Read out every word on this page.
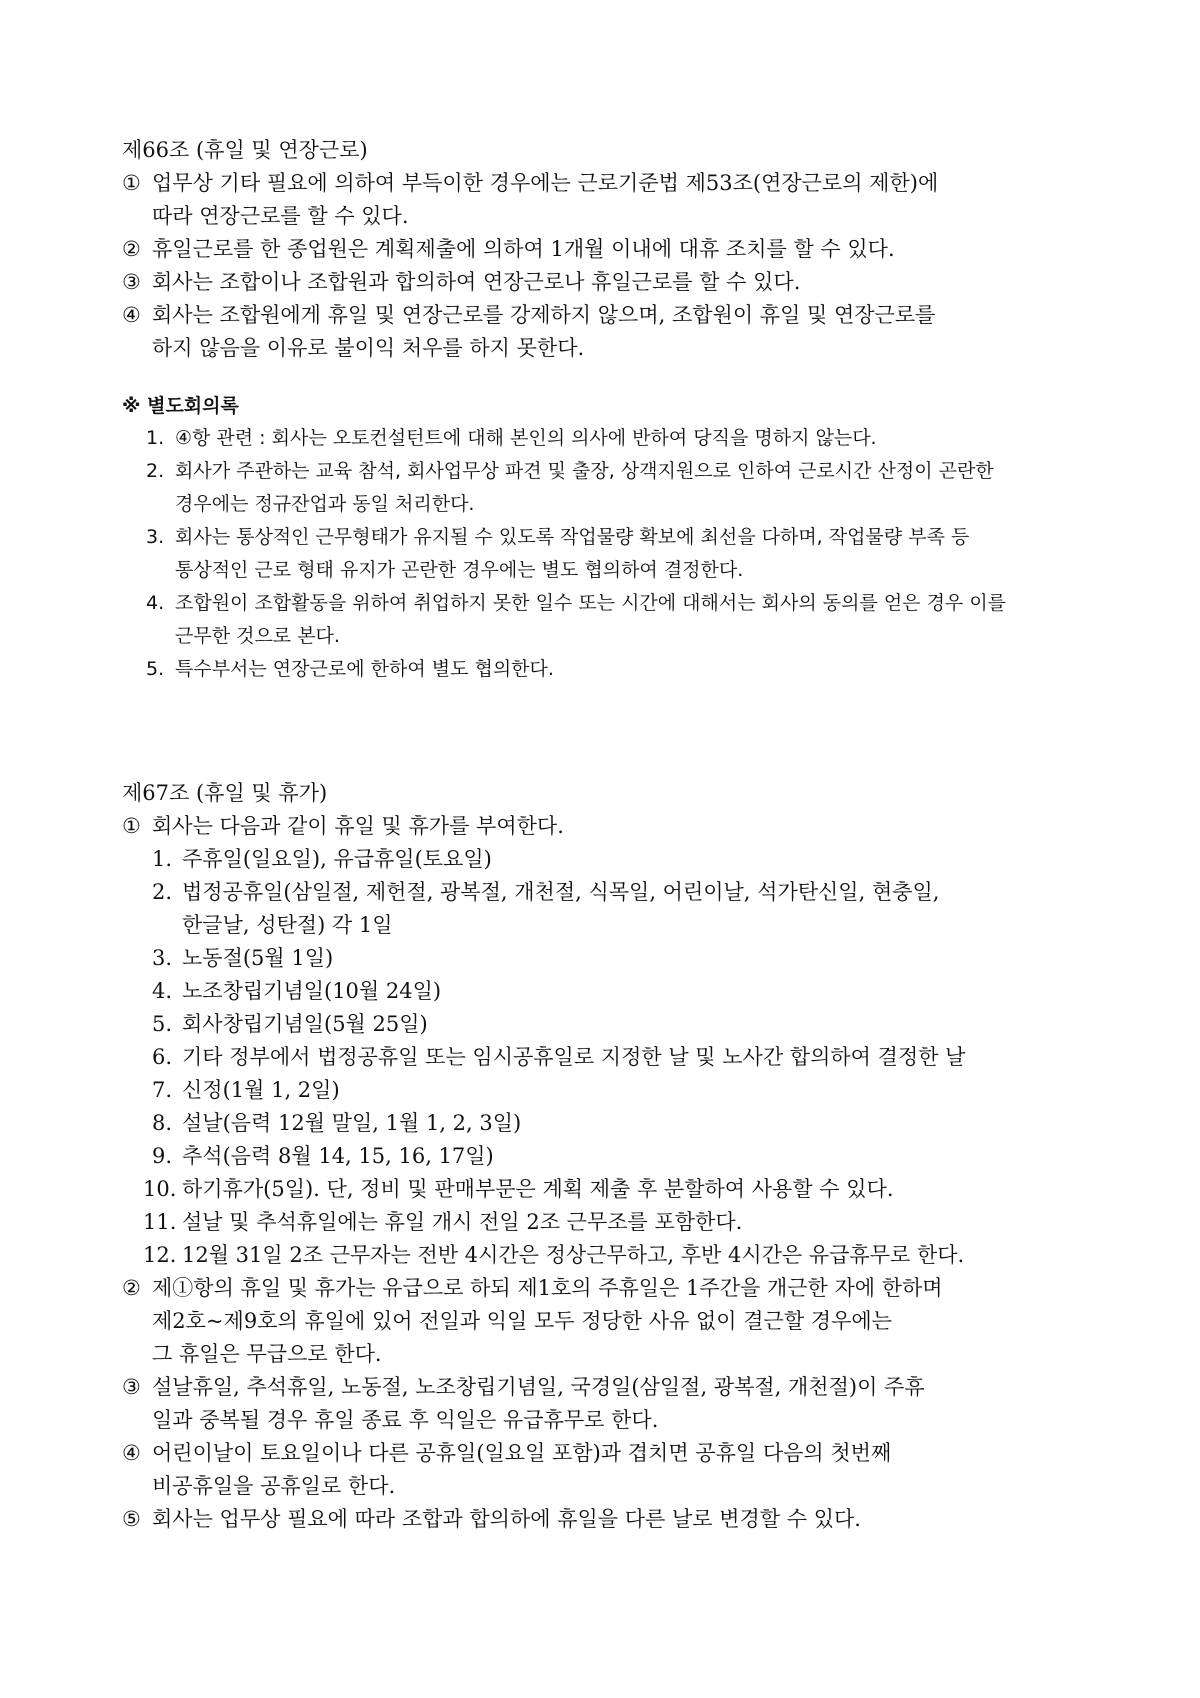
제66조 (휴일 및 연장근로)
① 업무상 기타 필요에 의하여 부득이한 경우에는 근로기준법 제53조(연장근로의 제한)에
따라 연장근로를 할 수 있다.
② 휴일근로를 한 종업원은 계획제출에 의하여 1개월 이내에 대휴 조치를 할 수 있다.
③ 회사는 조합이나 조합원과 합의하여 연장근로나 휴일근로를 할 수 있다.
④ 회사는 조합원에게 휴일 및 연장근로를 강제하지 않으며, 조합원이 휴일 및 연장근로를
하지 않음을 이유로 불이익 처우를 하지 못한다.
※ 별도회의록
1. ④항 관련 : 회사는 오토컨설턴트에 대해 본인의 의사에 반하여 당직을 명하지 않는다.
2. 회사가 주관하는 교육 참석, 회사업무상 파견 및 출장, 상객지원으로 인하여 근로시간 산정이 곤란한
경우에는 정규잔업과 동일 처리한다.
3. 회사는 통상적인 근무형태가 유지될 수 있도록 작업물량 확보에 최선을 다하며, 작업물량 부족 등
통상적인 근로 형태 유지가 곤란한 경우에는 별도 협의하여 결정한다.
4. 조합원이 조합활동을 위하여 취업하지 못한 일수 또는 시간에 대해서는 회사의 동의를 얻은 경우 이를
근무한 것으로 본다.
5. 특수부서는 연장근로에 한하여 별도 협의한다.
제67조 (휴일 및 휴가)
① 회사는 다음과 같이 휴일 및 휴가를 부여한다.
1. 주휴일(일요일), 유급휴일(토요일)
2. 법정공휴일(삼일절, 제헌절, 광복절, 개천절, 식목일, 어린이날, 석가탄신일, 현충일,
한글날, 성탄절) 각 1일
3. 노동절(5월 1일)
4. 노조창립기념일(10월 24일)
5. 회사창립기념일(5월 25일)
6. 기타 정부에서 법정공휴일 또는 임시공휴일로 지정한 날 및 노사간 합의하여 결정한 날
7. 신정(1월 1, 2일)
8. 설날(음력 12월 말일, 1월 1, 2, 3일)
9. 추석(음력 8월 14, 15, 16, 17일)
10. 하기휴가(5일). 단, 정비 및 판매부문은 계획 제출 후 분할하여 사용할 수 있다.
11. 설날 및 추석휴일에는 휴일 개시 전일 2조 근무조를 포함한다.
12. 12월 31일 2조 근무자는 전반 4시간은 정상근무하고, 후반 4시간은 유급휴무로 한다.
② 제①항의 휴일 및 휴가는 유급으로 하되 제1호의 주휴일은 1주간을 개근한 자에 한하며
제2호~제9호의 휴일에 있어 전일과 익일 모두 정당한 사유 없이 결근할 경우에는
그 휴일은 무급으로 한다.
③ 설날휴일, 추석휴일, 노동절, 노조창립기념일, 국경일(삼일절, 광복절, 개천절)이 주휴
일과 중복될 경우 휴일 종료 후 익일은 유급휴무로 한다.
④ 어린이날이 토요일이나 다른 공휴일(일요일 포함)과 겹치면 공휴일 다음의 첫번째
비공휴일을 공휴일로 한다.
⑤ 회사는 업무상 필요에 따라 조합과 합의하에 휴일을 다른 날로 변경할 수 있다.
